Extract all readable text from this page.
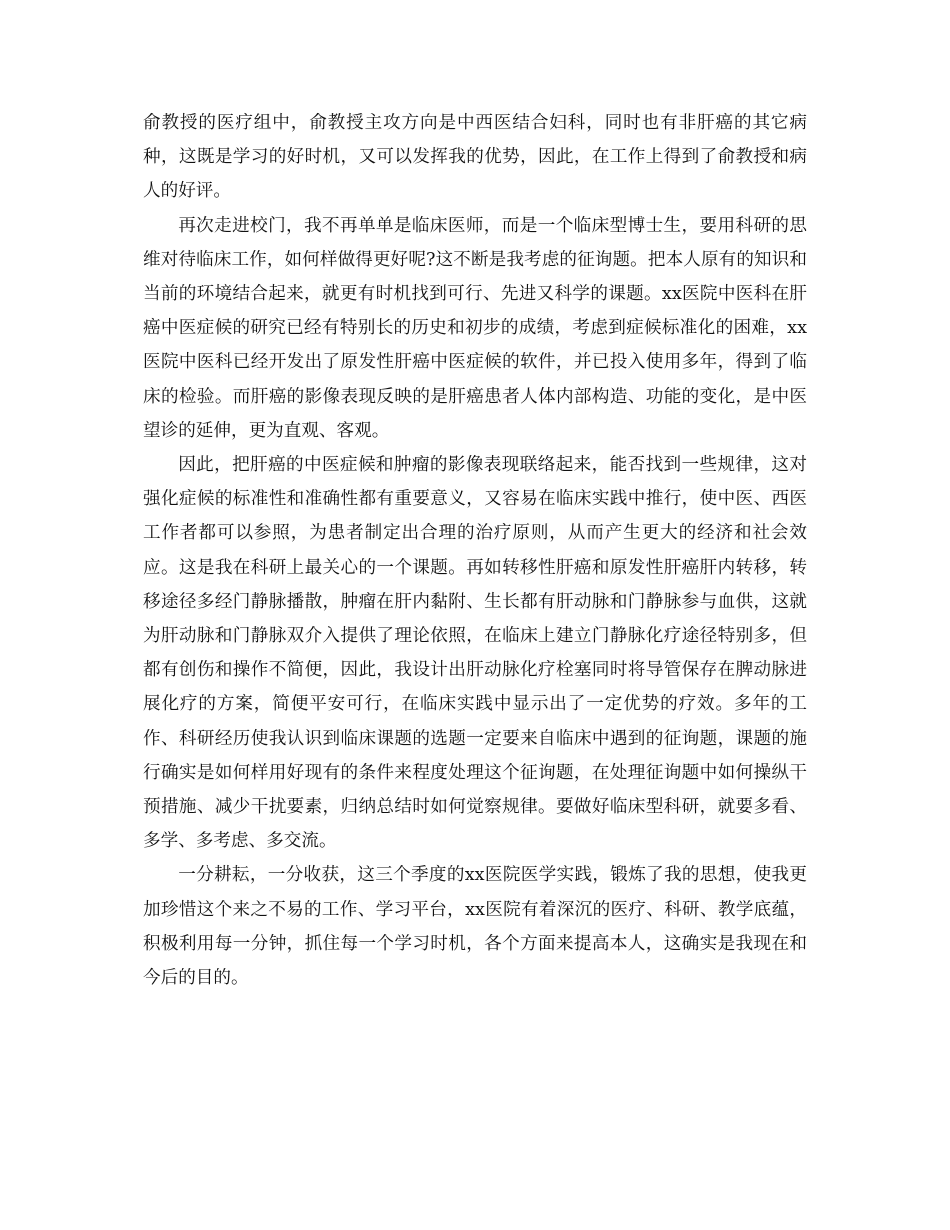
俞教授的医疗组中，俞教授主攻方向是中西医结合妇科，同时也有非肝癌的其它病种，这既是学习的好时机，又可以发挥我的优势，因此，在工作上得到了俞教授和病人的好评。

再次走进校门，我不再单单是临床医师，而是一个临床型博士生，要用科研的思维对待临床工作，如何样做得更好呢?这不断是我考虑的征询题。把本人原有的知识和当前的环境结合起来，就更有时机找到可行、先进又科学的课题。xx医院中医科在肝癌中医症候的研究已经有特别长的历史和初步的成绩，考虑到症候标准化的困难，xx医院中医科已经开发出了原发性肝癌中医症候的软件，并已投入使用多年，得到了临床的检验。而肝癌的影像表现反映的是肝癌患者人体内部构造、功能的变化，是中医望诊的延伸，更为直观、客观。

因此，把肝癌的中医症候和肿瘤的影像表现联络起来，能否找到一些规律，这对强化症候的标准性和准确性都有重要意义，又容易在临床实践中推行，使中医、西医工作者都可以参照，为患者制定出合理的治疗原则，从而产生更大的经济和社会效应。这是我在科研上最关心的一个课题。再如转移性肝癌和原发性肝癌肝内转移，转移途径多经门静脉播散，肿瘤在肝内黏附、生长都有肝动脉和门静脉参与血供，这就为肝动脉和门静脉双介入提供了理论依照，在临床上建立门静脉化疗途径特别多，但都有创伤和操作不简便，因此，我设计出肝动脉化疗栓塞同时将导管保存在脾动脉进展化疗的方案，简便平安可行，在临床实践中显示出了一定优势的疗效。多年的工作、科研经历使我认识到临床课题的选题一定要来自临床中遇到的征询题，课题的施行确实是如何样用好现有的条件来程度处理这个征询题，在处理征询题中如何操纵干预措施、减少干扰要素，归纳总结时如何觉察规律。要做好临床型科研，就要多看、多学、多考虑、多交流。

一分耕耘，一分收获，这三个季度的xx医院医学实践，锻炼了我的思想，使我更加珍惜这个来之不易的工作、学习平台，xx医院有着深沉的医疗、科研、教学底蕴，积极利用每一分钟，抓住每一个学习时机，各个方面来提高本人，这确实是我现在和今后的目的。
